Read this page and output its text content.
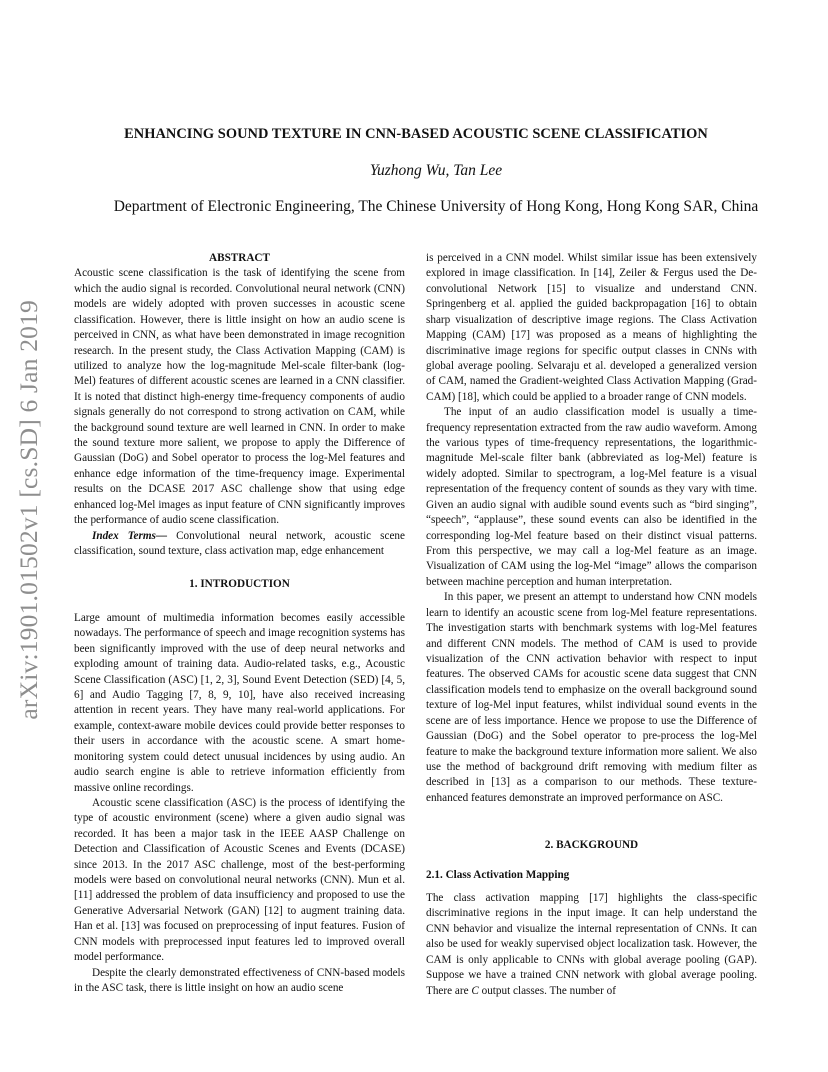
arXiv:1901.01502v1 [cs.SD] 6 Jan 2019
ENHANCING SOUND TEXTURE IN CNN-BASED ACOUSTIC SCENE CLASSIFICATION
Yuzhong Wu, Tan Lee
Department of Electronic Engineering, The Chinese University of Hong Kong, Hong Kong SAR, China
ABSTRACT

Acoustic scene classification is the task of identifying the scene from which the audio signal is recorded. Convolutional neural network (CNN) models are widely adopted with proven successes in acoustic scene classification. However, there is little insight on how an audio scene is perceived in CNN, as what have been demonstrated in image recognition research. In the present study, the Class Activation Mapping (CAM) is utilized to analyze how the log-magnitude Mel-scale filter-bank (log-Mel) features of different acoustic scenes are learned in a CNN classifier. It is noted that distinct high-energy time-frequency components of audio signals generally do not correspond to strong activation on CAM, while the background sound texture are well learned in CNN. In order to make the sound texture more salient, we propose to apply the Difference of Gaussian (DoG) and Sobel operator to process the log-Mel features and enhance edge information of the time-frequency image. Experimental results on the DCASE 2017 ASC challenge show that using edge enhanced log-Mel images as input feature of CNN significantly improves the performance of audio scene classification.

Index Terms— Convolutional neural network, acoustic scene classification, sound texture, class activation map, edge enhancement

1. INTRODUCTION

Large amount of multimedia information becomes easily accessible nowadays. The performance of speech and image recognition systems has been significantly improved with the use of deep neural networks and exploding amount of training data. Audio-related tasks, e.g., Acoustic Scene Classification (ASC) [1, 2, 3], Sound Event Detection (SED) [4, 5, 6] and Audio Tagging [7, 8, 9, 10], have also received increasing attention in recent years. They have many real-world applications. For example, context-aware mobile devices could provide better responses to their users in accordance with the acoustic scene. A smart home-monitoring system could detect unusual incidences by using audio. An audio search engine is able to retrieve information efficiently from massive online recordings.

Acoustic scene classification (ASC) is the process of identifying the type of acoustic environment (scene) where a given audio signal was recorded. It has been a major task in the IEEE AASP Challenge on Detection and Classification of Acoustic Scenes and Events (DCASE) since 2013. In the 2017 ASC challenge, most of the best-performing models were based on convolutional neural networks (CNN). Mun et al. [11] addressed the problem of data insufficiency and proposed to use the Generative Adversarial Network (GAN) [12] to augment training data. Han et al. [13] was focused on preprocessing of input features. Fusion of CNN models with preprocessed input features led to improved overall model performance.

Despite the clearly demonstrated effectiveness of CNN-based models in the ASC task, there is little insight on how an audio scene

is perceived in a CNN model. Whilst similar issue has been extensively explored in image classification. In [14], Zeiler & Fergus used the De-convolutional Network [15] to visualize and understand CNN. Springenberg et al. applied the guided backpropagation [16] to obtain sharp visualization of descriptive image regions. The Class Activation Mapping (CAM) [17] was proposed as a means of highlighting the discriminative image regions for specific output classes in CNNs with global average pooling. Selvaraju et al. developed a generalized version of CAM, named the Gradient-weighted Class Activation Mapping (Grad-CAM) [18], which could be applied to a broader range of CNN models.

The input of an audio classification model is usually a time-frequency representation extracted from the raw audio waveform. Among the various types of time-frequency representations, the logarithmic-magnitude Mel-scale filter bank (abbreviated as log-Mel) feature is widely adopted. Similar to spectrogram, a log-Mel feature is a visual representation of the frequency content of sounds as they vary with time. Given an audio signal with audible sound events such as “bird singing”, “speech”, “applause”, these sound events can also be identified in the corresponding log-Mel feature based on their distinct visual patterns. From this perspective, we may call a log-Mel feature as an image. Visualization of CAM using the log-Mel “image” allows the comparison between machine perception and human interpretation.

In this paper, we present an attempt to understand how CNN models learn to identify an acoustic scene from log-Mel feature representations. The investigation starts with benchmark systems with log-Mel features and different CNN models. The method of CAM is used to provide visualization of the CNN activation behavior with respect to input features. The observed CAMs for acoustic scene data suggest that CNN classification models tend to emphasize on the overall background sound texture of log-Mel input features, whilst individual sound events in the scene are of less importance. Hence we propose to use the Difference of Gaussian (DoG) and the Sobel operator to pre-process the log-Mel feature to make the background texture information more salient. We also use the method of background drift removing with medium filter as described in [13] as a comparison to our methods. These texture-enhanced features demonstrate an improved performance on ASC.

2. BACKGROUND
2.1. Class Activation Mapping

The class activation mapping [17] highlights the class-specific discriminative regions in the input image. It can help understand the CNN behavior and visualize the internal representation of CNNs. It can also be used for weakly supervised object localization task. However, the CAM is only applicable to CNNs with global average pooling (GAP). Suppose we have a trained CNN network with global average pooling. There are C output classes. The number of
